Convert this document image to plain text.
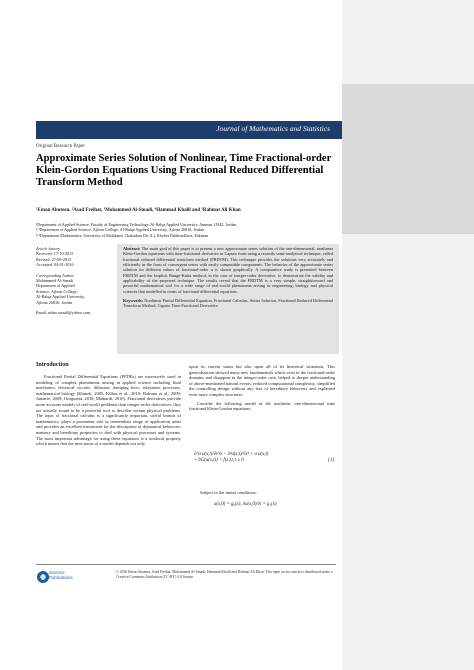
Journal of Mathematics and Statistics
Original Research Paper
Approximate Series Solution of Nonlinear, Time Fractional-order Klein-Gordon Equations Using Fractional Reduced Differential Transform Method
¹Eman Abuteen, ²Asad Freihat, ³Mohammed Al-Smadi, ⁴Hammad Khalil and ⁵Rahmat Ali Khan
¹Department of Applied Science, Faculty of Engineering Technology, Al-Balqa Applied University, Amman 11942, Jordan
²,³Department of Applied Science, Ajloun College, Al-Balqa Applied University, Ajloun 26816, Jordan
⁴,⁵Department Mathematics, University of Malakand, Chakadara Dir (L), Khyber Pakhtunkhwa, Pakistan
Article history
Received: 17-10-2015
Revised: 27-09-2015
Accepted: 04-01-2016
Corresponding Author:
Mohammed Al-Smadi
Department of Applied
Science, Ajloun College,
Al-Balqa Applied University,
Ajloun 26816, Jordan
Email: mhm.smadi@yahoo.com

Abstract: The main goal of this paper is to present a new approximate series solution of the one-dimensional, nonlinear Klein-Gordon equations with time-fractional derivative in Caputo form using a recently semi-analytical technique, called fractional reduced differential transform method (FRDTM). This technique provides the solutions very accurately and efficiently in the form of convergent series with easily computable components. The behavior of the approximate series solution for different values of fractional-order α is shown graphically. A comparative study is presented between FRDTM and the Implicit Runge-Kutta method, in the case of integer-order derivative, to demonstrate the validity and applicability of the proposed technique. The results reveal that the FRDTM is a very simple, straightforward and powerful mathematical tool for a wide range of real-world phenomena arising in engineering, biology and physical sciences that modelled in terms of fractional differential equations.

Keywords: Nonlinear Partial Differential Equation, Fractional Calculus, Series Solution, Fractional Reduced Differential Transform Method, Caputo Time-Fractional Derivative

Introduction

Fractional Partial Differential Equations (FPDEs) are extensively used in modeling of complex phenomena arising in applied science including fluid mechanics, electrical circuits, diffusion, damping laws, relaxation processes, mathematical biology (Klimek, 2005; Kilbas et al., 2010; Baleanu et al., 2009; Jumarie, 2009; Ortigueira, 2010; Mainardi, 2010). Fractional derivatives provide more accurate models of real-world problems than integer-order derivatives; they are actually found to be a powerful tool to describe certain physical problems. The topic of fractional calculus is a significantly important, useful branch of mathematics, plays a prominent role in tremendous range of application areas and provides an excellent instrument for the description of dynamical behaviors, memory and hereditary properties to deal with physical processes and systems. The most important advantage for using these equations is a nonlocal property which means that the next status of a model depends not only

upon its current status but also upon all of its historical situations. This generalization showed many new fundamentals which exist in the fractional-order domains and disappear in the integer-order case, helped to deeper understanding of above-mentioned natural events, reduced computational complexity, simplified the controlling design without any loss of hereditary behaviors and explained even more complex structures.

Consider the following model of the nonlinear, one-dimensional time fractional Klein-Gordon equations:

∂^α u(x,t)/∂t^α − ∂²u(x,t)/∂x² + a u(x,t)
+ bG(u(x,t)) = f(x,t), t ≥ 0	(1)
Subject to the initial conditions:
u(x,0) = g₀(x), ∂u(x,0)/∂t = g₁(x)
Science
Publications
© 2016 Eman Abuteen, Asad Freihat, Mohammed Al-Smadi, Hammad Khalil and Rahmat Ali Khan. This open access article is distributed under a Creative Commons Attribution (CC-BY) 3.0 license.
